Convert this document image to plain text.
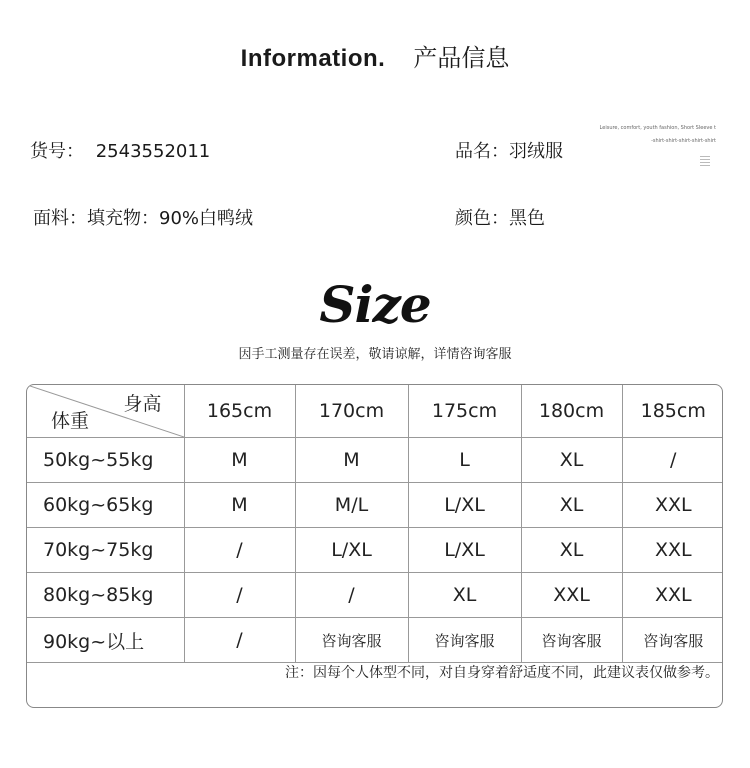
Information. 产品信息
货号： 2543552011	品名：羽绒服
Leisure, comfort, youth fashion, Short Sleeve t
-shirt-shirt-shirt-shirt-shirt
面料：填充物：90%白鸭绒	颜色：黑色
Size
因手工测量存在误差，敬请谅解，详情咨询客服
身高
体重	165cm	170cm	175cm	180cm	185cm
50kg~55kg	M	M	L	XL	/
60kg~65kg	M	M/L	L/XL	XL	XXL
70kg~75kg	/	L/XL	L/XL	XL	XXL
80kg~85kg	/	/	XL	XXL	XXL
90kg~以上	/	咨询客服	咨询客服	咨询客服	咨询客服
注：因每个人体型不同，对自身穿着舒适度不同，此建议表仅做参考。
